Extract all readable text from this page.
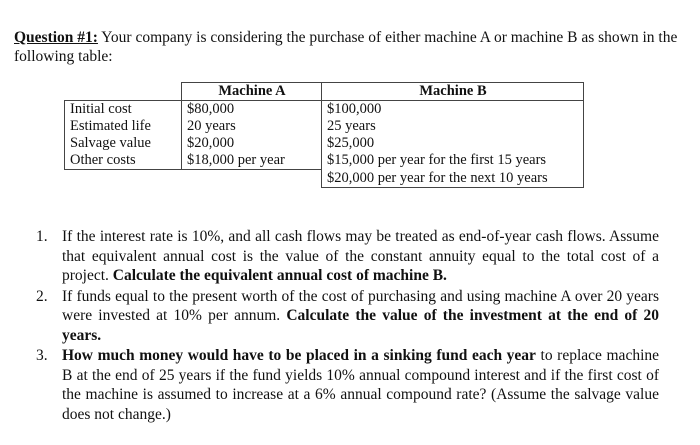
Question #1: Your company is considering the purchase of either machine A or machine B as shown in the following table:

	Machine A	Machine B
Initial cost	$80,000	$100,000
Estimated life	20 years	25 years
Salvage value	$20,000	$25,000
Other costs	$18,000 per year	$15,000 per year for the first 15 years
		$20,000 per year for the next 10 years
1. If the interest rate is 10%, and all cash flows may be treated as end-of-year cash flows. Assume that equivalent annual cost is the value of the constant annuity equal to the total cost of a project. Calculate the equivalent annual cost of machine B.
2. If funds equal to the present worth of the cost of purchasing and using machine A over 20 years were invested at 10% per annum. Calculate the value of the investment at the end of 20 years.
3. How much money would have to be placed in a sinking fund each year to replace machine B at the end of 25 years if the fund yields 10% annual compound interest and if the first cost of the machine is assumed to increase at a 6% annual compound rate? (Assume the salvage value does not change.)
